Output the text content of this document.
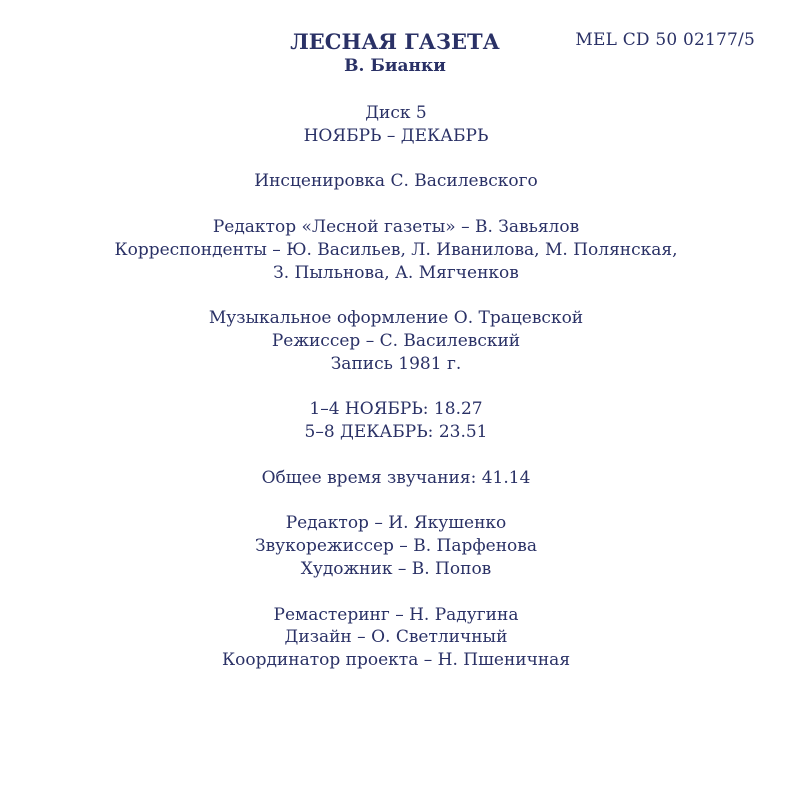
MEL CD 50 02177/5
ЛЕСНАЯ ГАЗЕТА
В. Бианки
Диск 5
НОЯБРЬ – ДЕКАБРЬ
Инсценировка С. Василевского
Редактор «Лесной газеты» – В. Завьялов
Корреспонденты – Ю. Васильев, Л. Иванилова, М. Полянская,
З. Пыльнова, А. Мягченков
Музыкальное оформление О. Трацевской
Режиссер – С. Василевский
Запись 1981 г.
1–4 НОЯБРЬ: 18.27
5–8 ДЕКАБРЬ: 23.51
Общее время звучания: 41.14
Редактор – И. Якушенко
Звукорежиссер – В. Парфенова
Художник – В. Попов
Ремастеринг – Н. Радугина
Дизайн – О. Светличный
Координатор проекта – Н. Пшеничная
